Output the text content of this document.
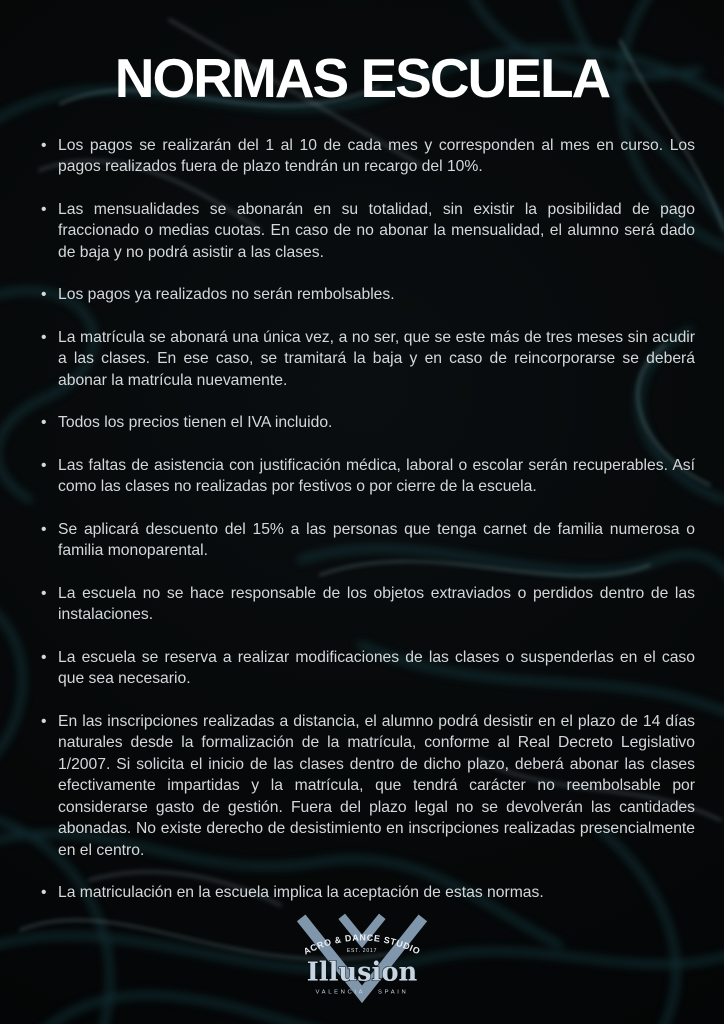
NORMAS ESCUELA
• Los pagos se realizarán del 1 al 10 de cada mes y corresponden al mes en curso. Los pagos realizados fuera de plazo tendrán un recargo del 10%.
• Las mensualidades se abonarán en su totalidad, sin existir la posibilidad de pago fraccionado o medias cuotas. En caso de no abonar la mensualidad, el alumno será dado de baja y no podrá asistir a las clases.
• Los pagos ya realizados no serán rembolsables.
• La matrícula se abonará una única vez, a no ser, que se este más de tres meses sin acudir a las clases. En ese caso, se tramitará la baja y en caso de reincorporarse se deberá abonar la matrícula nuevamente.
• Todos los precios tienen el IVA incluido.
• Las faltas de asistencia con justificación médica, laboral o escolar serán recuperables. Así como las clases no realizadas por festivos o por cierre de la escuela.
• Se aplicará descuento del 15% a las personas que tenga carnet de familia numerosa o familia monoparental.
• La escuela no se hace responsable de los objetos extraviados o perdidos dentro de las instalaciones.
• La escuela se reserva a realizar modificaciones de las clases o suspenderlas en el caso que sea necesario.
• En las inscripciones realizadas a distancia, el alumno podrá desistir en el plazo de 14 días naturales desde la formalización de la matrícula, conforme al Real Decreto Legislativo 1/2007. Si solicita el inicio de las clases dentro de dicho plazo, deberá abonar las clases efectivamente impartidas y la matrícula, que tendrá carácter no reembolsable por considerarse gasto de gestión. Fuera del plazo legal no se devolverán las cantidades abonadas. No existe derecho de desistimiento en inscripciones realizadas presencialmente en el centro.
• La matriculación en la escuela implica la aceptación de estas normas.
ACRO & DANCE STUDIO
EST. 2017
Illusion
VALENCIA · SPAIN
